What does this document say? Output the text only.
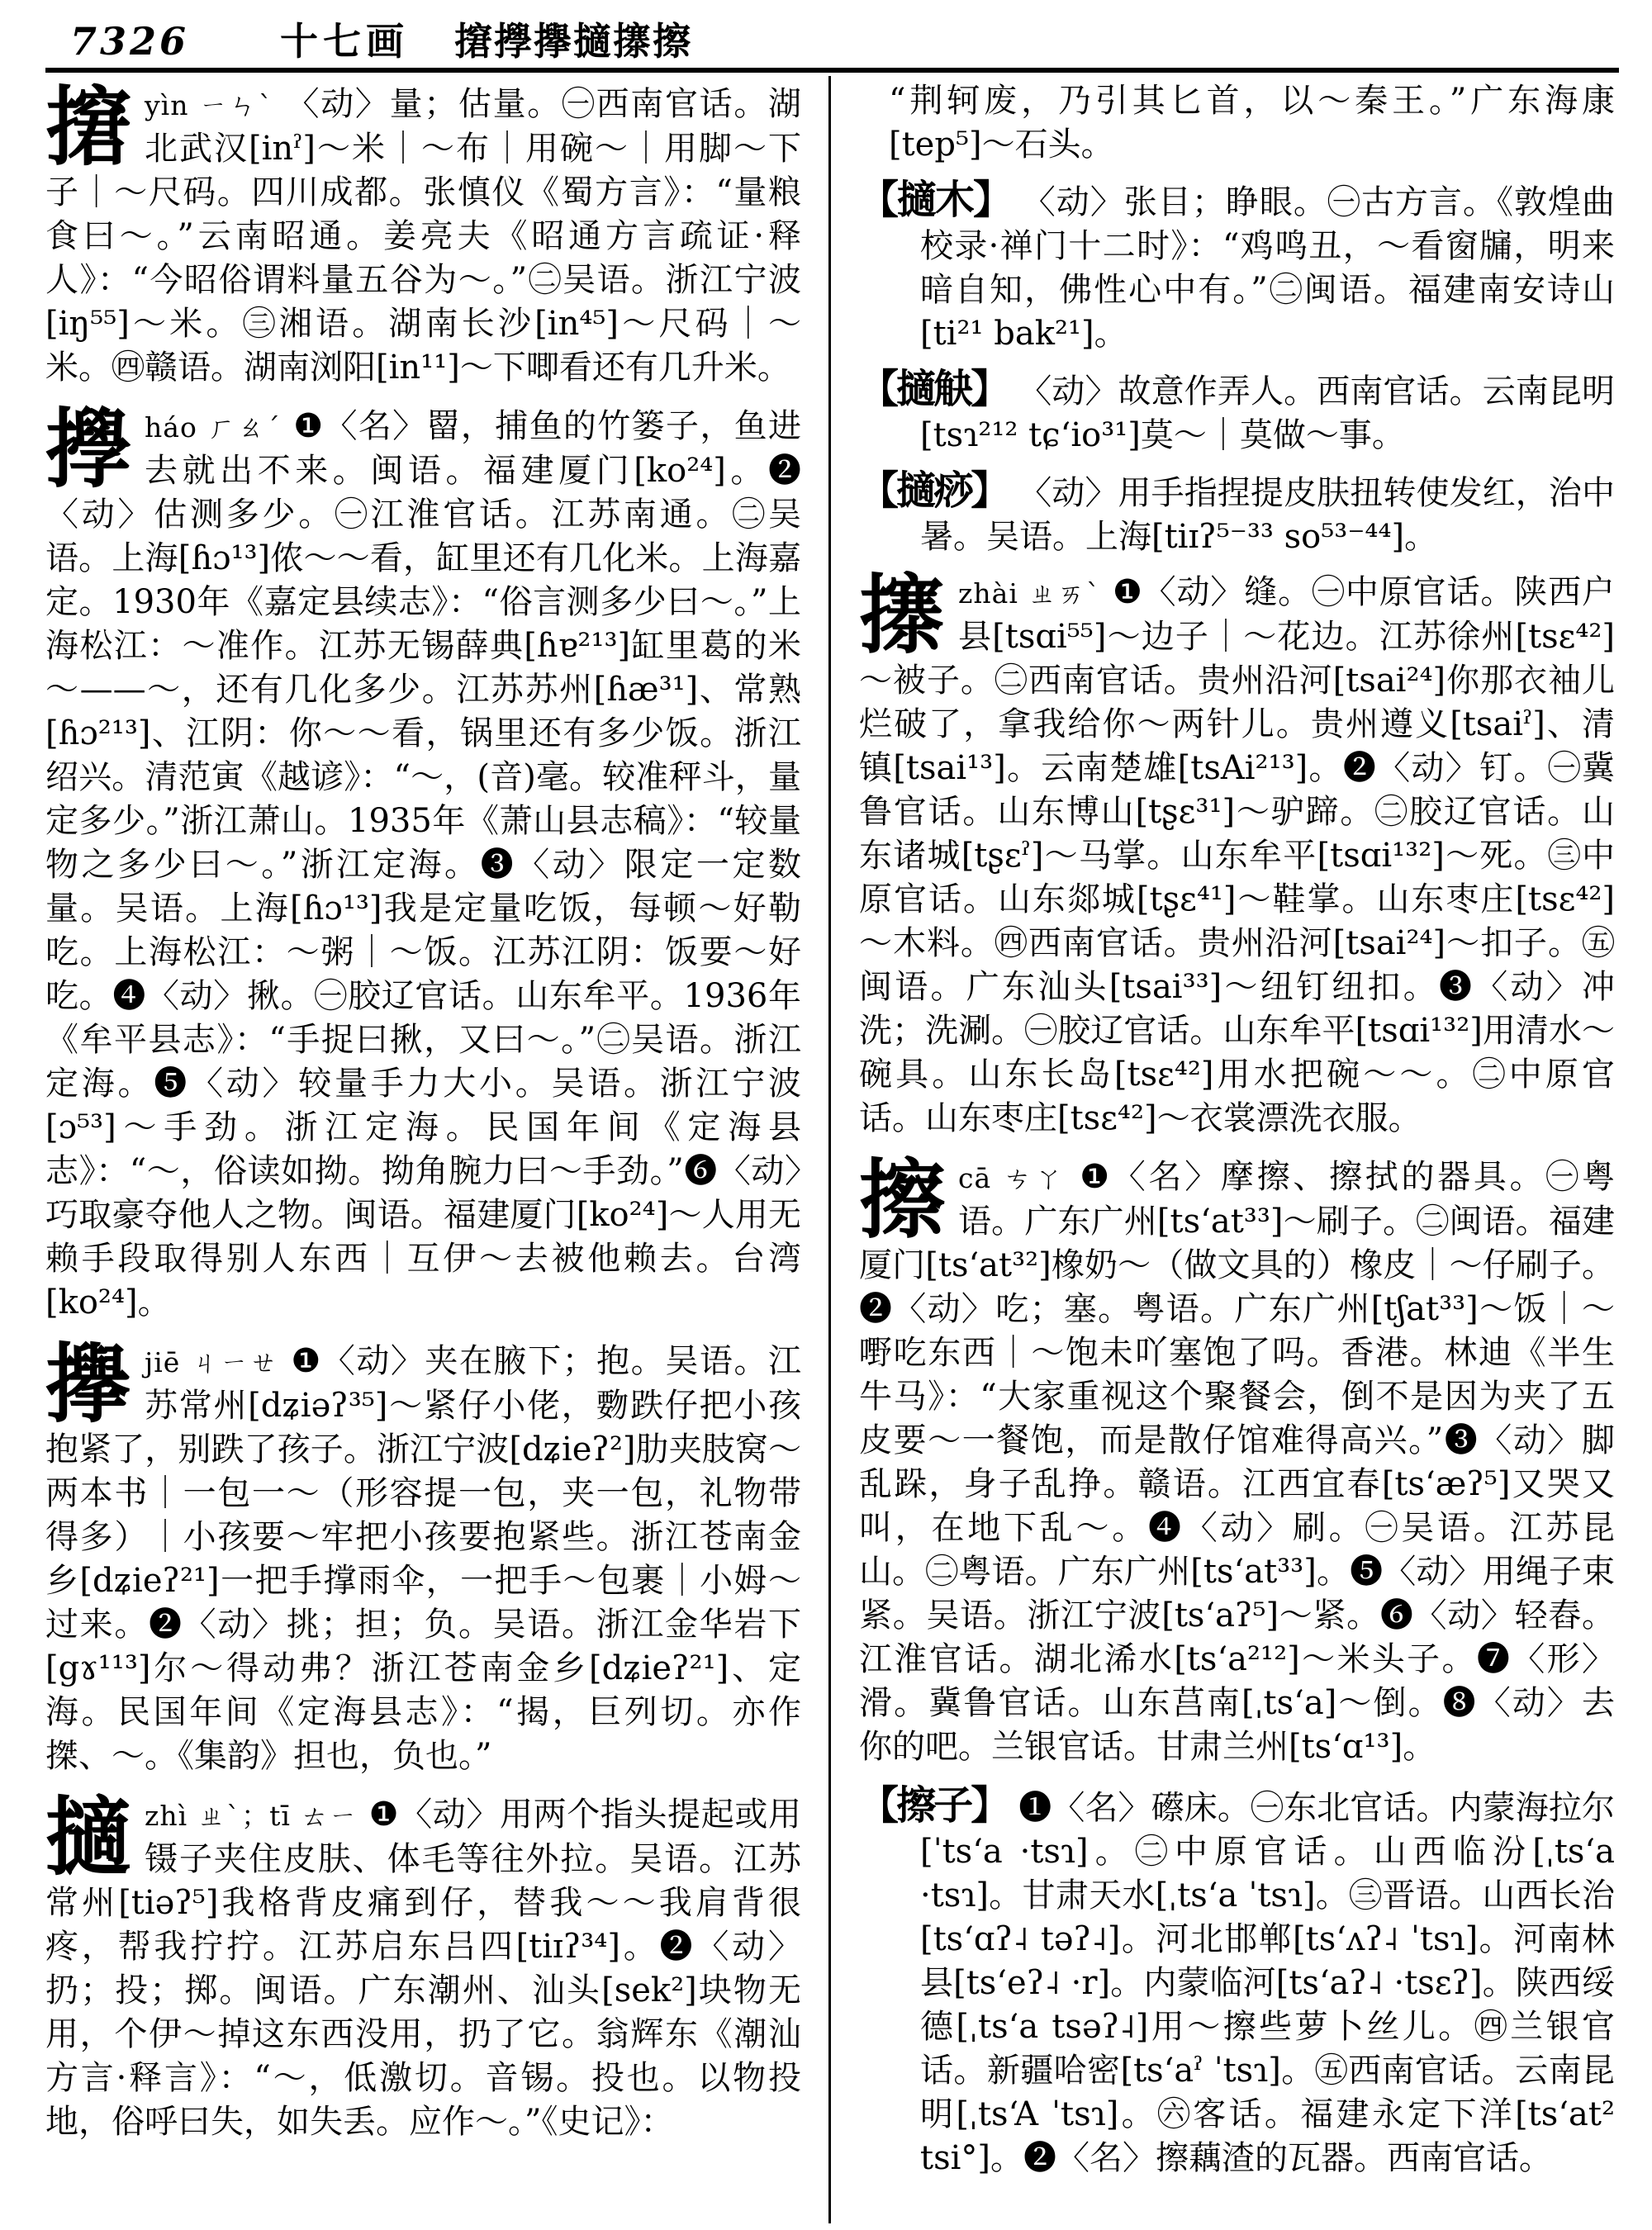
7326 十七画 㩈㩭㩮擿㩟擦

㩈 yìn ㄧㄣˋ 〈动〉量；估量。㊀西南官话。湖北武汉[inˀ]～米｜～布｜用碗～｜用脚～下子｜～尺码。四川成都。张慎仪《蜀方言》：“量粮食曰～。”云南昭通。姜亮夫《昭通方言疏证·释人》：“今昭俗谓料量五谷为～。”㊁吴语。浙江宁波[iŋ⁵⁵]～米。㊂湘语。湖南长沙[in⁴⁵]～尺码｜～米。㊃赣语。湖南浏阳[in¹¹]～下唧看还有几升米。

㩭 háo ㄏㄠˊ ❶〈名〉罶，捕鱼的竹篓子，鱼进去就出不来。闽语。福建厦门[ko²⁴]。❷〈动〉估测多少。㊀江淮官话。江苏南通。㊁吴语。上海[ɦɔ¹³]侬～～看，缸里还有几化米。上海嘉定。1930年《嘉定县续志》：“俗言测多少曰～。”上海松江：～准作。江苏无锡薛典[ɦɐ²¹³]缸里葛的米～——～，还有几化多少。江苏苏州[ɦæ³¹]、常熟[ɦɔ²¹³]、江阴：你～～看，锅里还有多少饭。浙江绍兴。清范寅《越谚》：“～，(音)毫。较准秤斗，量定多少。”浙江萧山。1935年《萧山县志稿》：“较量物之多少曰～。”浙江定海。❸〈动〉限定一定数量。吴语。上海[ɦɔ¹³]我是定量吃饭，每顿～好勒吃。上海松江：～粥｜～饭。江苏江阴：饭要～好吃。❹〈动〉揪。㊀胶辽官话。山东牟平。1936年《牟平县志》：“手捉曰揪，又曰～。”㊁吴语。浙江定海。❺〈动〉较量手力大小。吴语。浙江宁波[ɔ⁵³]～手劲。浙江定海。民国年间《定海县志》：“～，俗读如拗。拗角腕力曰～手劲。”❻〈动〉巧取豪夺他人之物。闽语。福建厦门[ko²⁴]～人用无赖手段取得别人东西｜互伊～去被他赖去。台湾[ko²⁴]。

㩮 jiē ㄐㄧㄝ ❶〈动〉夹在腋下；抱。吴语。江苏常州[dʑiəʔ³⁵]～紧仔小佬，覅跌仔把小孩抱紧了，别跌了孩子。浙江宁波[dʑieʔ²]肋夹肢窝～两本书｜一包一～（形容提一包，夹一包，礼物带得多）｜小孩要～牢把小孩要抱紧些。浙江苍南金乡[dʑieʔ²¹]一把手撑雨伞，一把手～包裹｜小姆～过来。❷〈动〉挑；担；负。吴语。浙江金华岩下[gɤ¹¹³]尔～得动弗？浙江苍南金乡[dʑieʔ²¹]、定海。民国年间《定海县志》：“揭，巨列切。亦作搩、～。《集韵》担也，负也。”

擿 zhì ㄓˋ；tī ㄊㄧ ❶〈动〉用两个指头提起或用镊子夹住皮肤、体毛等往外拉。吴语。江苏常州[tiəʔ⁵]我格背皮痛到仔，替我～～我肩背很疼，帮我拧拧。江苏启东吕四[tiɪʔ³⁴]。❷〈动〉扔；投；掷。闽语。广东潮州、汕头[sek²]块物无用，个伊～掉这东西没用，扔了它。翁辉东《潮汕方言·释言》：“～，低激切。音锡。投也。以物投地，俗呼曰失，如失丢。应作～。”《史记》：

“荆轲废，乃引其匕首，以～秦王。”广东海康[tep⁵]～石头。

【擿木】 〈动〉张目；睁眼。㊀古方言。《敦煌曲校录·禅门十二时》：“鸡鸣丑，～看窗牖，明来暗自知，佛性心中有。”㊁闽语。福建南安诗山[ti²¹ bak²¹]。

【擿觖】 〈动〉故意作弄人。西南官话。云南昆明[tsɿ²¹² tɕʻio³¹]莫～｜莫做～事。

【擿痧】 〈动〉用手指捏提皮肤扭转使发红，治中暑。吴语。上海[tiɪʔ⁵⁻³³ so⁵³⁻⁴⁴]。

㩟 zhài ㄓㄞˋ ❶〈动〉缝。㊀中原官话。陕西户县[tsɑi⁵⁵]～边子｜～花边。江苏徐州[tsɛ⁴²]～被子。㊁西南官话。贵州沿河[tsai²⁴]你那衣袖儿烂破了，拿我给你～两针儿。贵州遵义[tsaiˀ]、清镇[tsai¹³]。云南楚雄[tsAi²¹³]。❷〈动〉钉。㊀冀鲁官话。山东博山[tʂɛ³¹]～驴蹄。㊁胶辽官话。山东诸城[tʂɛˀ]～马掌。山东牟平[tsɑi¹³²]～死。㊂中原官话。山东郯城[tʂɛ⁴¹]～鞋掌。山东枣庄[tsɛ⁴²]～木料。㊃西南官话。贵州沿河[tsai²⁴]～扣子。㊄闽语。广东汕头[tsai³³]～纽钉纽扣。❸〈动〉冲洗；洗涮。㊀胶辽官话。山东牟平[tsɑi¹³²]用清水～碗具。山东长岛[tsɛ⁴²]用水把碗～～。㊁中原官话。山东枣庄[tsɛ⁴²]～衣裳漂洗衣服。

擦 cā ㄘㄚ ❶〈名〉摩擦、擦拭的器具。㊀粤语。广东广州[tsʻat³³]～刷子。㊁闽语。福建厦门[tsʻat³²]橡奶～（做文具的）橡皮｜～仔刷子。❷〈动〉吃；塞。粤语。广东广州[tʃat³³]～饭｜～嘢吃东西｜～饱未吖塞饱了吗。香港。林迪《半生牛马》：“大家重视这个聚餐会，倒不是因为夹了五皮要～一餐饱，而是散仔馆难得高兴。”❸〈动〉脚乱跺，身子乱挣。赣语。江西宜春[tsʻæʔ⁵]又哭又叫，在地下乱～。❹〈动〉刷。㊀吴语。江苏昆山。㊁粤语。广东广州[tsʻat³³]。❺〈动〉用绳子束紧。吴语。浙江宁波[tsʻaʔ⁵]～紧。❻〈动〉轻舂。江淮官话。湖北浠水[tsʻa²¹²]～米头子。❼〈形〉滑。冀鲁官话。山东莒南[ˌtsʻa]～倒。❽〈动〉去你的吧。兰银官话。甘肃兰州[tsʻɑ¹³]。

【擦子】 ❶〈名〉礤床。㊀东北官话。内蒙海拉尔[ˈtsʻa ·tsɿ]。㊁中原官话。山西临汾[ˌtsʻa ·tsɿ]。甘肃天水[ˌtsʻa ˈtsɿ]。㊂晋语。山西长治[tsʻɑʔ˨ təʔ˨]。河北邯郸[tsʻʌʔ˨ ˈtsɿ]。河南林县[tsʻeʔ˨ ·r]。内蒙临河[tsʻaʔ˨ ·tsɛʔ]。陕西绥德[ˌtsʻa tsəʔ˨]用～擦些萝卜丝儿。㊃兰银官话。新疆哈密[tsʻaˀ ˈtsɿ]。㊄西南官话。云南昆明[ˌtsʻA ˈtsɿ]。㊅客话。福建永定下洋[tsʻat² tsi°]。❷〈名〉擦藕渣的瓦器。西南官话。
